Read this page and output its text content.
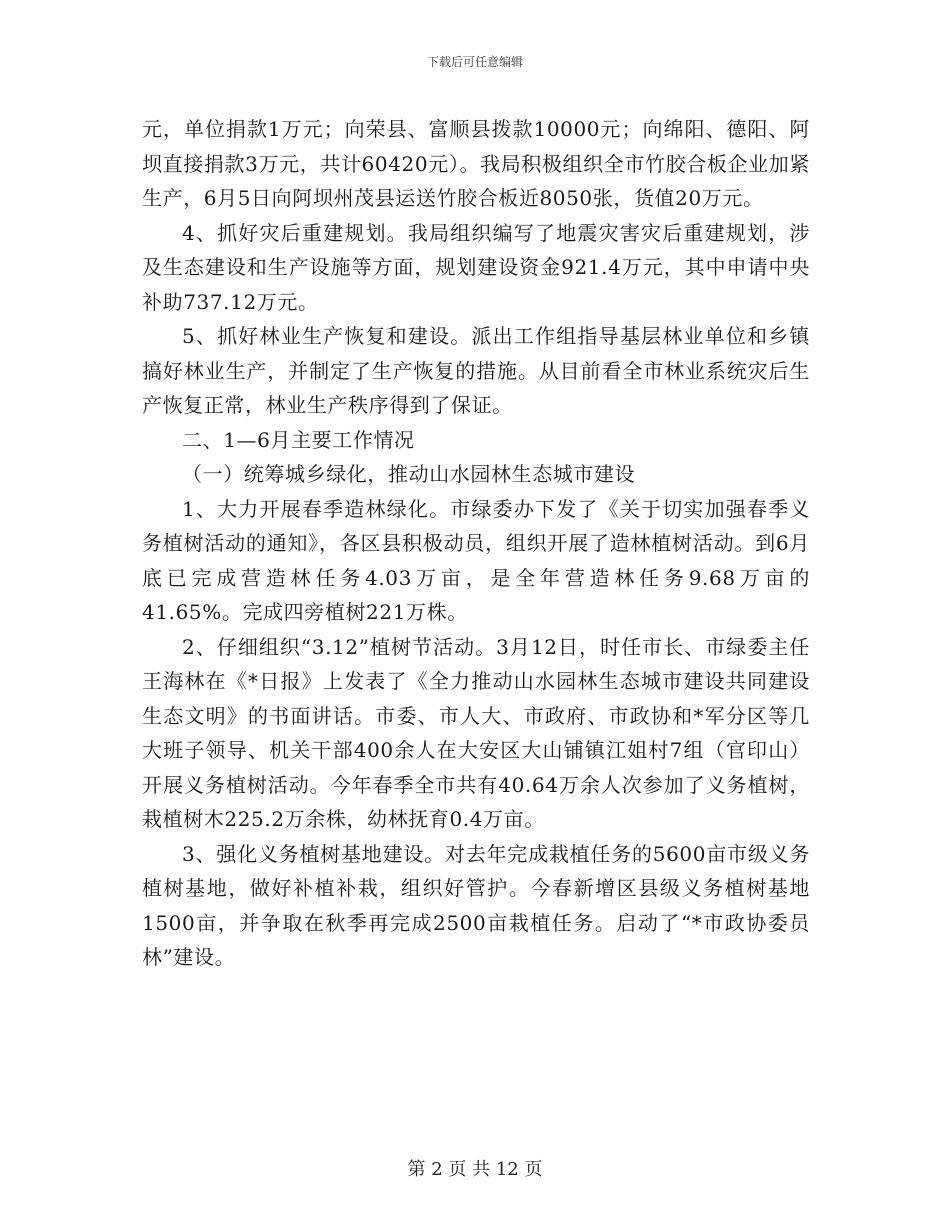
下载后可任意编辑

元，单位捐款1万元；向荣县、富顺县拨款10000元；向绵阳、德阳、阿坝直接捐款3万元，共计60420元）。我局积极组织全市竹胶合板企业加紧生产，6月5日向阿坝州茂县运送竹胶合板近8050张，货值20万元。

4、抓好灾后重建规划。我局组织编写了地震灾害灾后重建规划，涉及生态建设和生产设施等方面，规划建设资金921.4万元，其中申请中央补助737.12万元。

5、抓好林业生产恢复和建设。派出工作组指导基层林业单位和乡镇搞好林业生产，并制定了生产恢复的措施。从目前看全市林业系统灾后生产恢复正常，林业生产秩序得到了保证。

二、1—6月主要工作情况

（一）统筹城乡绿化，推动山水园林生态城市建设

1、大力开展春季造林绿化。市绿委办下发了《关于切实加强春季义务植树活动的通知》，各区县积极动员，组织开展了造林植树活动。到6月底已完成营造林任务4.03万亩，是全年营造林任务9.68万亩的41.65%。完成四旁植树221万株。

2、仔细组织“3.12”植树节活动。3月12日，时任市长、市绿委主任王海林在《*日报》上发表了《全力推动山水园林生态城市建设共同建设生态文明》的书面讲话。市委、市人大、市政府、市政协和*军分区等几大班子领导、机关干部400余人在大安区大山铺镇江姐村7组（官印山）开展义务植树活动。今年春季全市共有40.64万余人次参加了义务植树，栽植树木225.2万余株，幼林抚育0.4万亩。

3、强化义务植树基地建设。对去年完成栽植任务的5600亩市级义务植树基地，做好补植补栽，组织好管护。今春新增区县级义务植树基地1500亩，并争取在秋季再完成2500亩栽植任务。启动了“*市政协委员林”建设。

第 2 页 共 12 页
